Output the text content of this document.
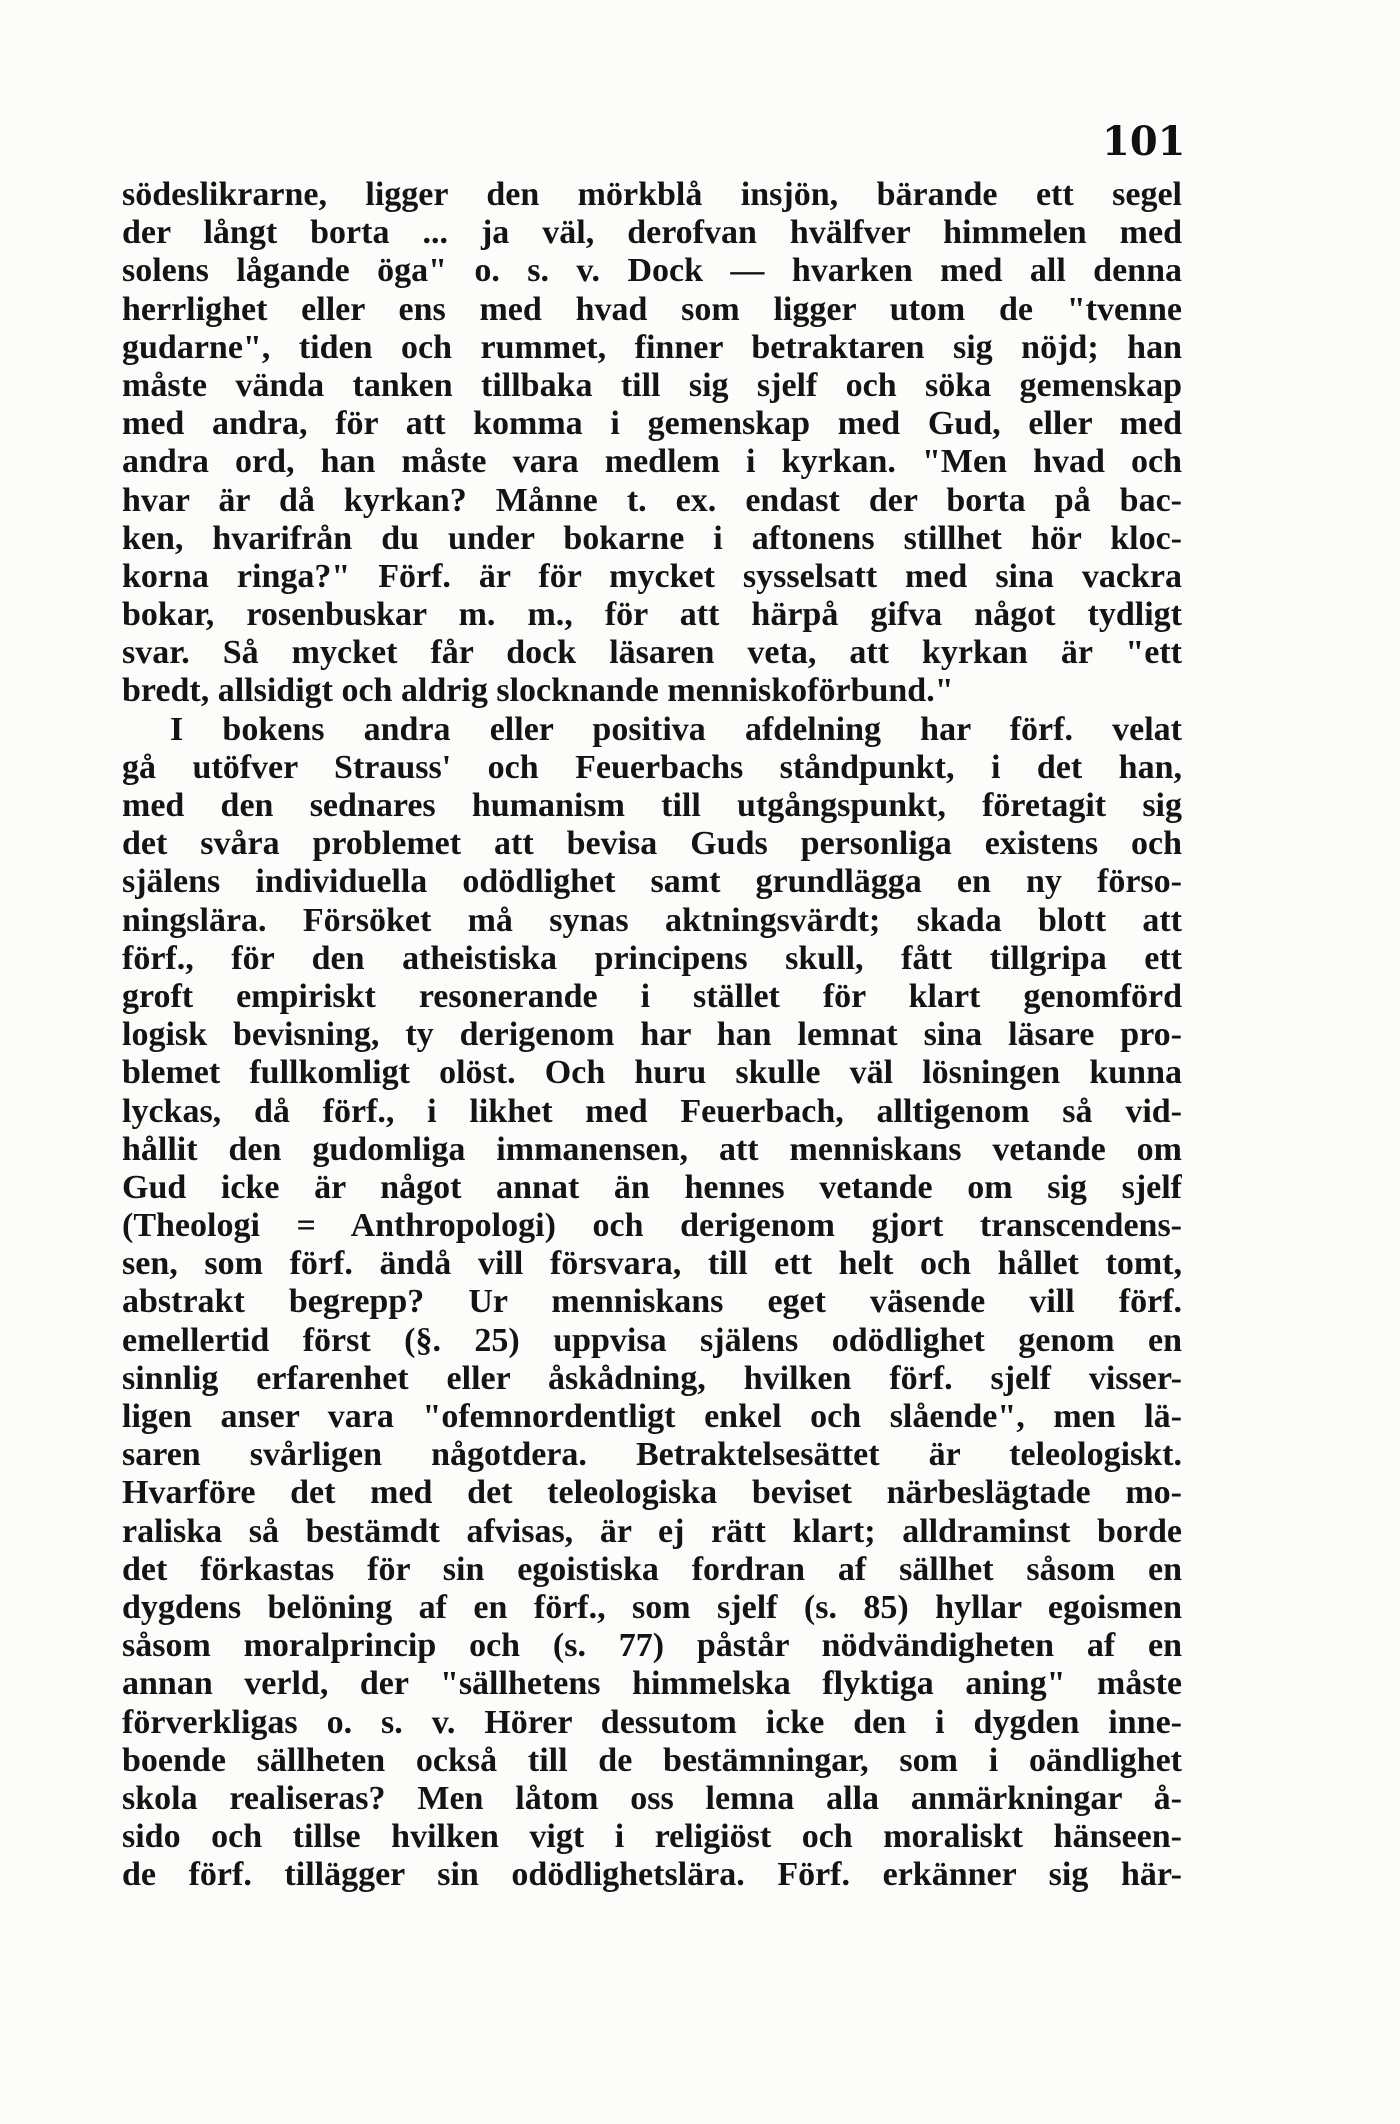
101
södeslikrarne, ligger den mörkblå insjön, bärande ett segel
der långt borta ... ja väl, derofvan hvälfver himmelen med
solens lågande öga" o. s. v. Dock — hvarken med all denna
herrlighet eller ens med hvad som ligger utom de "tvenne
gudarne", tiden och rummet, finner betraktaren sig nöjd; han
måste vända tanken tillbaka till sig sjelf och söka gemenskap
med andra, för att komma i gemenskap med Gud, eller med
andra ord, han måste vara medlem i kyrkan. "Men hvad och
hvar är då kyrkan? Månne t. ex. endast der borta på bac-
ken, hvarifrån du under bokarne i aftonens stillhet hör kloc-
korna ringa?" Förf. är för mycket sysselsatt med sina vackra
bokar, rosenbuskar m. m., för att härpå gifva något tydligt
svar. Så mycket får dock läsaren veta, att kyrkan är "ett
bredt, allsidigt och aldrig slocknande menniskoförbund."
I bokens andra eller positiva afdelning har förf. velat
gå utöfver Strauss' och Feuerbachs ståndpunkt, i det han,
med den sednares humanism till utgångspunkt, företagit sig
det svåra problemet att bevisa Guds personliga existens och
själens individuella odödlighet samt grundlägga en ny förso-
ningslära. Försöket må synas aktningsvärdt; skada blott att
förf., för den atheistiska principens skull, fått tillgripa ett
groft empiriskt resonerande i stället för klart genomförd
logisk bevisning, ty derigenom har han lemnat sina läsare pro-
blemet fullkomligt olöst. Och huru skulle väl lösningen kunna
lyckas, då förf., i likhet med Feuerbach, alltigenom så vid-
hållit den gudomliga immanensen, att menniskans vetande om
Gud icke är något annat än hennes vetande om sig sjelf
(Theologi = Anthropologi) och derigenom gjort transcendens-
sen, som förf. ändå vill försvara, till ett helt och hållet tomt,
abstrakt begrepp? Ur menniskans eget väsende vill förf.
emellertid först (§. 25) uppvisa själens odödlighet genom en
sinnlig erfarenhet eller åskådning, hvilken förf. sjelf visser-
ligen anser vara "ofemnordentligt enkel och slående", men lä-
saren svårligen någotdera. Betraktelsesättet är teleologiskt.
Hvarföre det med det teleologiska beviset närbeslägtade mo-
raliska så bestämdt afvisas, är ej rätt klart; alldraminst borde
det förkastas för sin egoistiska fordran af sällhet såsom en
dygdens belöning af en förf., som sjelf (s. 85) hyllar egoismen
såsom moralprincip och (s. 77) påstår nödvändigheten af en
annan verld, der "sällhetens himmelska flyktiga aning" måste
förverkligas o. s. v. Hörer dessutom icke den i dygden inne-
boende sällheten också till de bestämningar, som i oändlighet
skola realiseras? Men låtom oss lemna alla anmärkningar å-
sido och tillse hvilken vigt i religiöst och moraliskt hänseen-
de förf. tillägger sin odödlighetslära. Förf. erkänner sig här-
